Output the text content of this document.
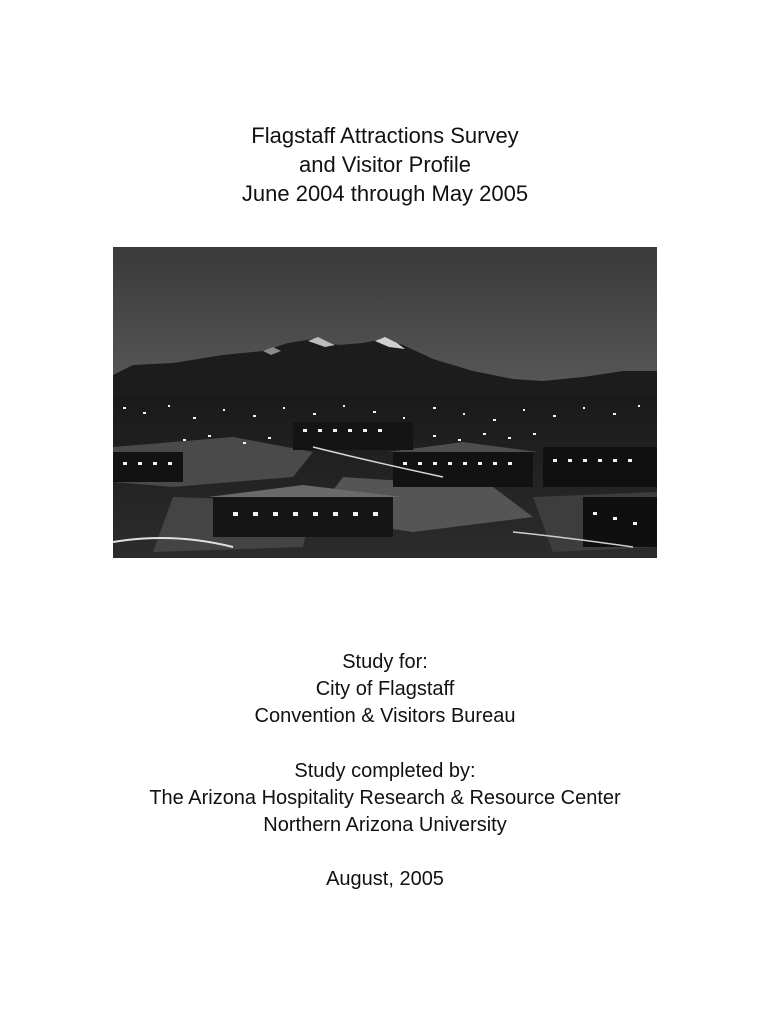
Flagstaff Attractions Survey
and Visitor Profile
June 2004 through May 2005
Study for:
City of Flagstaff
Convention & Visitors Bureau
Study completed by:
The Arizona Hospitality Research & Resource Center
Northern Arizona University
August, 2005
